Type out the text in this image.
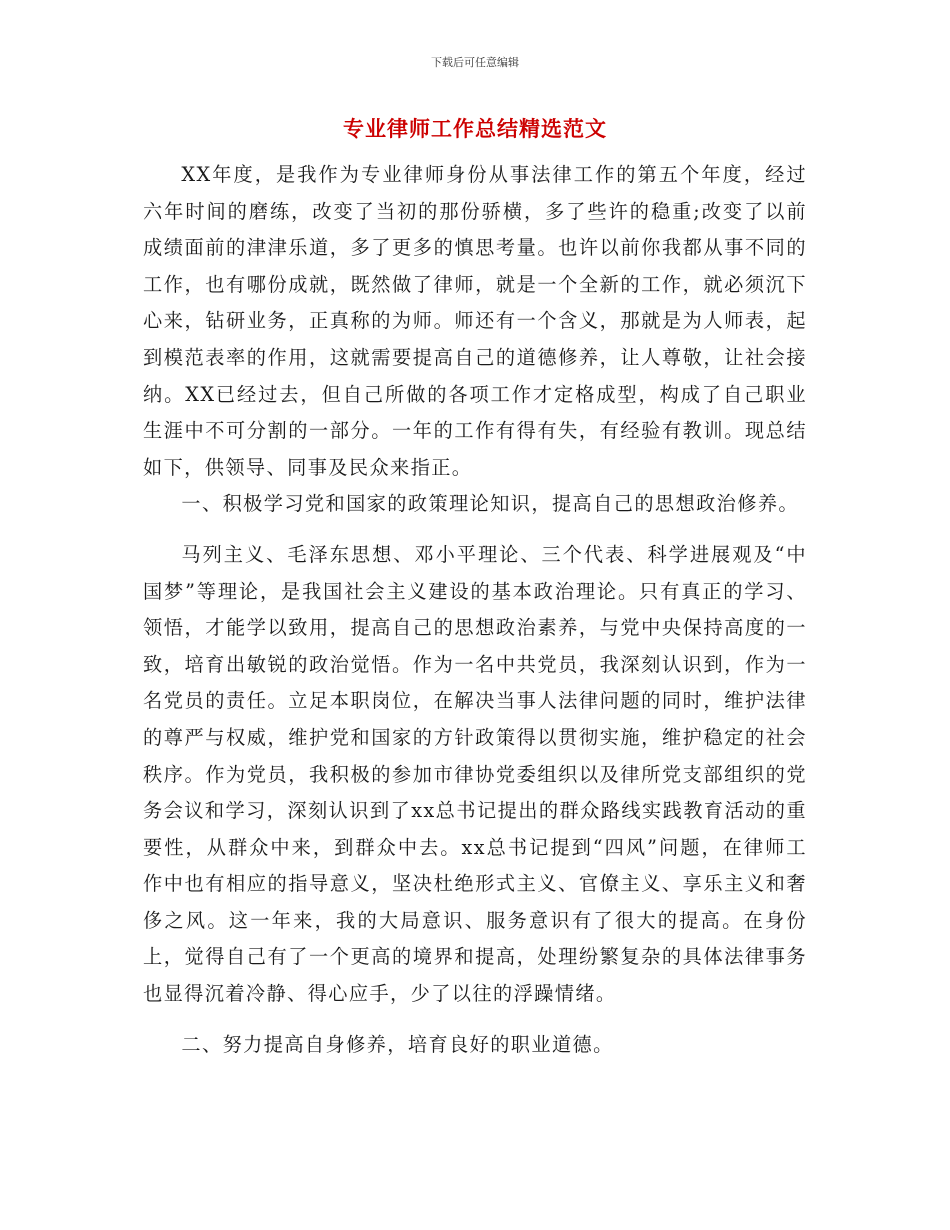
下载后可任意编辑
专业律师工作总结精选范文

XX年度，是我作为专业律师身份从事法律工作的第五个年度，经过六年时间的磨练，改变了当初的那份骄横，多了些许的稳重;改变了以前成绩面前的津津乐道，多了更多的慎思考量。也许以前你我都从事不同的工作，也有哪份成就，既然做了律师，就是一个全新的工作，就必须沉下心来，钻研业务，正真称的为师。师还有一个含义，那就是为人师表，起到模范表率的作用，这就需要提高自己的道德修养，让人尊敬，让社会接纳。XX已经过去，但自己所做的各项工作才定格成型，构成了自己职业生涯中不可分割的一部分。一年的工作有得有失，有经验有教训。现总结如下，供领导、同事及民众来指正。

一、积极学习党和国家的政策理论知识，提高自己的思想政治修养。

马列主义、毛泽东思想、邓小平理论、三个代表、科学进展观及“中国梦”等理论，是我国社会主义建设的基本政治理论。只有真正的学习、领悟，才能学以致用，提高自己的思想政治素养，与党中央保持高度的一致，培育出敏锐的政治觉悟。作为一名中共党员，我深刻认识到，作为一名党员的责任。立足本职岗位，在解决当事人法律问题的同时，维护法律的尊严与权威，维护党和国家的方针政策得以贯彻实施，维护稳定的社会秩序。作为党员，我积极的参加市律协党委组织以及律所党支部组织的党务会议和学习，深刻认识到了xx总书记提出的群众路线实践教育活动的重要性，从群众中来，到群众中去。xx总书记提到“四风”问题，在律师工作中也有相应的指导意义，坚决杜绝形式主义、官僚主义、享乐主义和奢侈之风。这一年来，我的大局意识、服务意识有了很大的提高。在身份上，觉得自己有了一个更高的境界和提高，处理纷繁复杂的具体法律事务也显得沉着冷静、得心应手，少了以往的浮躁情绪。

二、努力提高自身修养，培育良好的职业道德。
